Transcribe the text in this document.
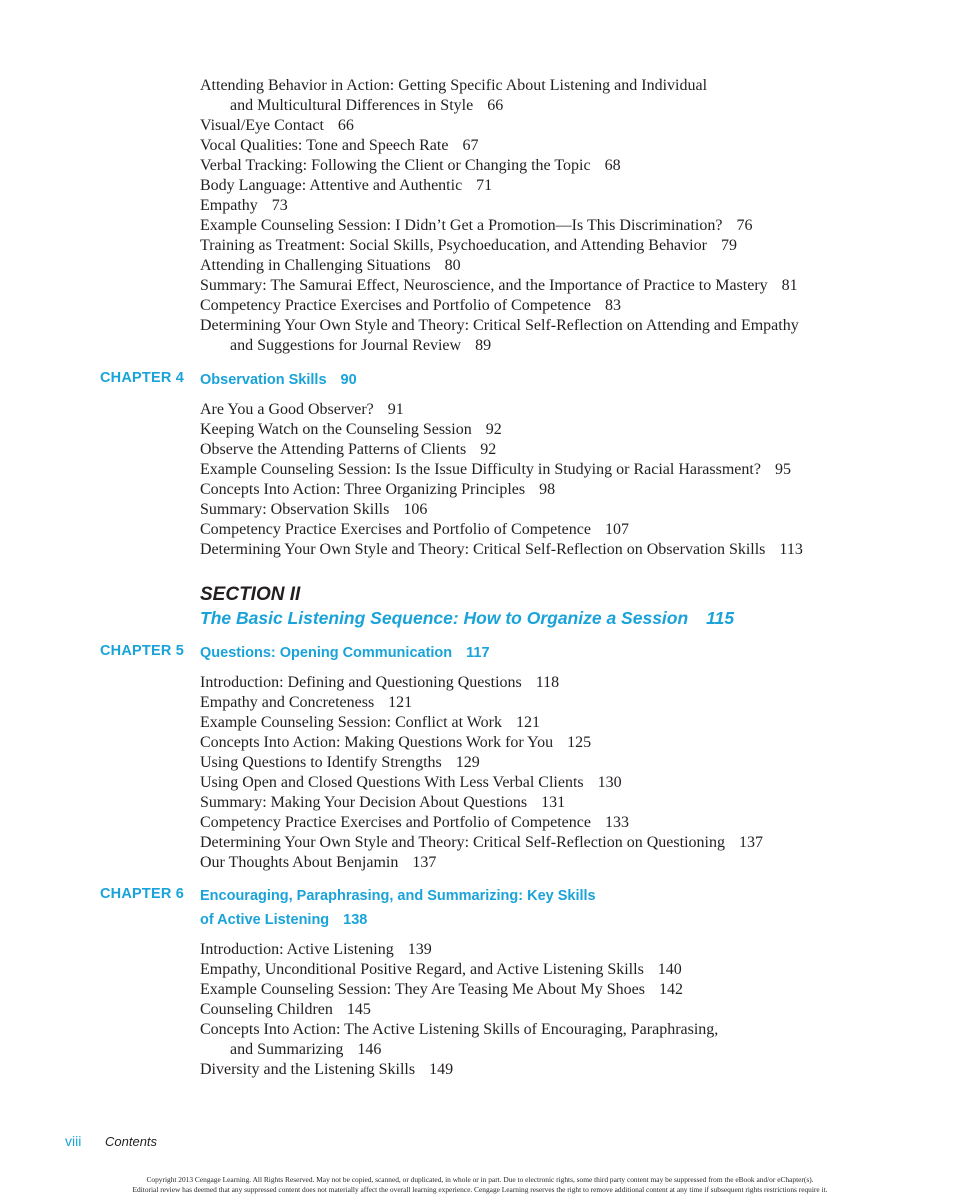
Attending Behavior in Action: Getting Specific About Listening and Individual
and Multicultural Differences in Style 66
Visual/Eye Contact 66
Vocal Qualities: Tone and Speech Rate 67
Verbal Tracking: Following the Client or Changing the Topic 68
Body Language: Attentive and Authentic 71
Empathy 73
Example Counseling Session: I Didn’t Get a Promotion—Is This Discrimination? 76
Training as Treatment: Social Skills, Psychoeducation, and Attending Behavior 79
Attending in Challenging Situations 80
Summary: The Samurai Effect, Neuroscience, and the Importance of Practice to Mastery 81
Competency Practice Exercises and Portfolio of Competence 83
Determining Your Own Style and Theory: Critical Self-Reflection on Attending and Empathy
and Suggestions for Journal Review 89
CHAPTER 4 Observation Skills 90
Are You a Good Observer? 91
Keeping Watch on the Counseling Session 92
Observe the Attending Patterns of Clients 92
Example Counseling Session: Is the Issue Difficulty in Studying or Racial Harassment? 95
Concepts Into Action: Three Organizing Principles 98
Summary: Observation Skills 106
Competency Practice Exercises and Portfolio of Competence 107
Determining Your Own Style and Theory: Critical Self-Reflection on Observation Skills 113
SECTION II
The Basic Listening Sequence: How to Organize a Session 115
CHAPTER 5 Questions: Opening Communication 117
Introduction: Defining and Questioning Questions 118
Empathy and Concreteness 121
Example Counseling Session: Conflict at Work 121
Concepts Into Action: Making Questions Work for You 125
Using Questions to Identify Strengths 129
Using Open and Closed Questions With Less Verbal Clients 130
Summary: Making Your Decision About Questions 131
Competency Practice Exercises and Portfolio of Competence 133
Determining Your Own Style and Theory: Critical Self-Reflection on Questioning 137
Our Thoughts About Benjamin 137
CHAPTER 6 Encouraging, Paraphrasing, and Summarizing: Key Skills
of Active Listening 138
Introduction: Active Listening 139
Empathy, Unconditional Positive Regard, and Active Listening Skills 140
Example Counseling Session: They Are Teasing Me About My Shoes 142
Counseling Children 145
Concepts Into Action: The Active Listening Skills of Encouraging, Paraphrasing,
and Summarizing 146
Diversity and the Listening Skills 149
viii Contents
Copyright 2013 Cengage Learning. All Rights Reserved. May not be copied, scanned, or duplicated, in whole or in part. Due to electronic rights, some third party content may be suppressed from the eBook and/or eChapter(s).
Editorial review has deemed that any suppressed content does not materially affect the overall learning experience. Cengage Learning reserves the right to remove additional content at any time if subsequent rights restrictions require it.
